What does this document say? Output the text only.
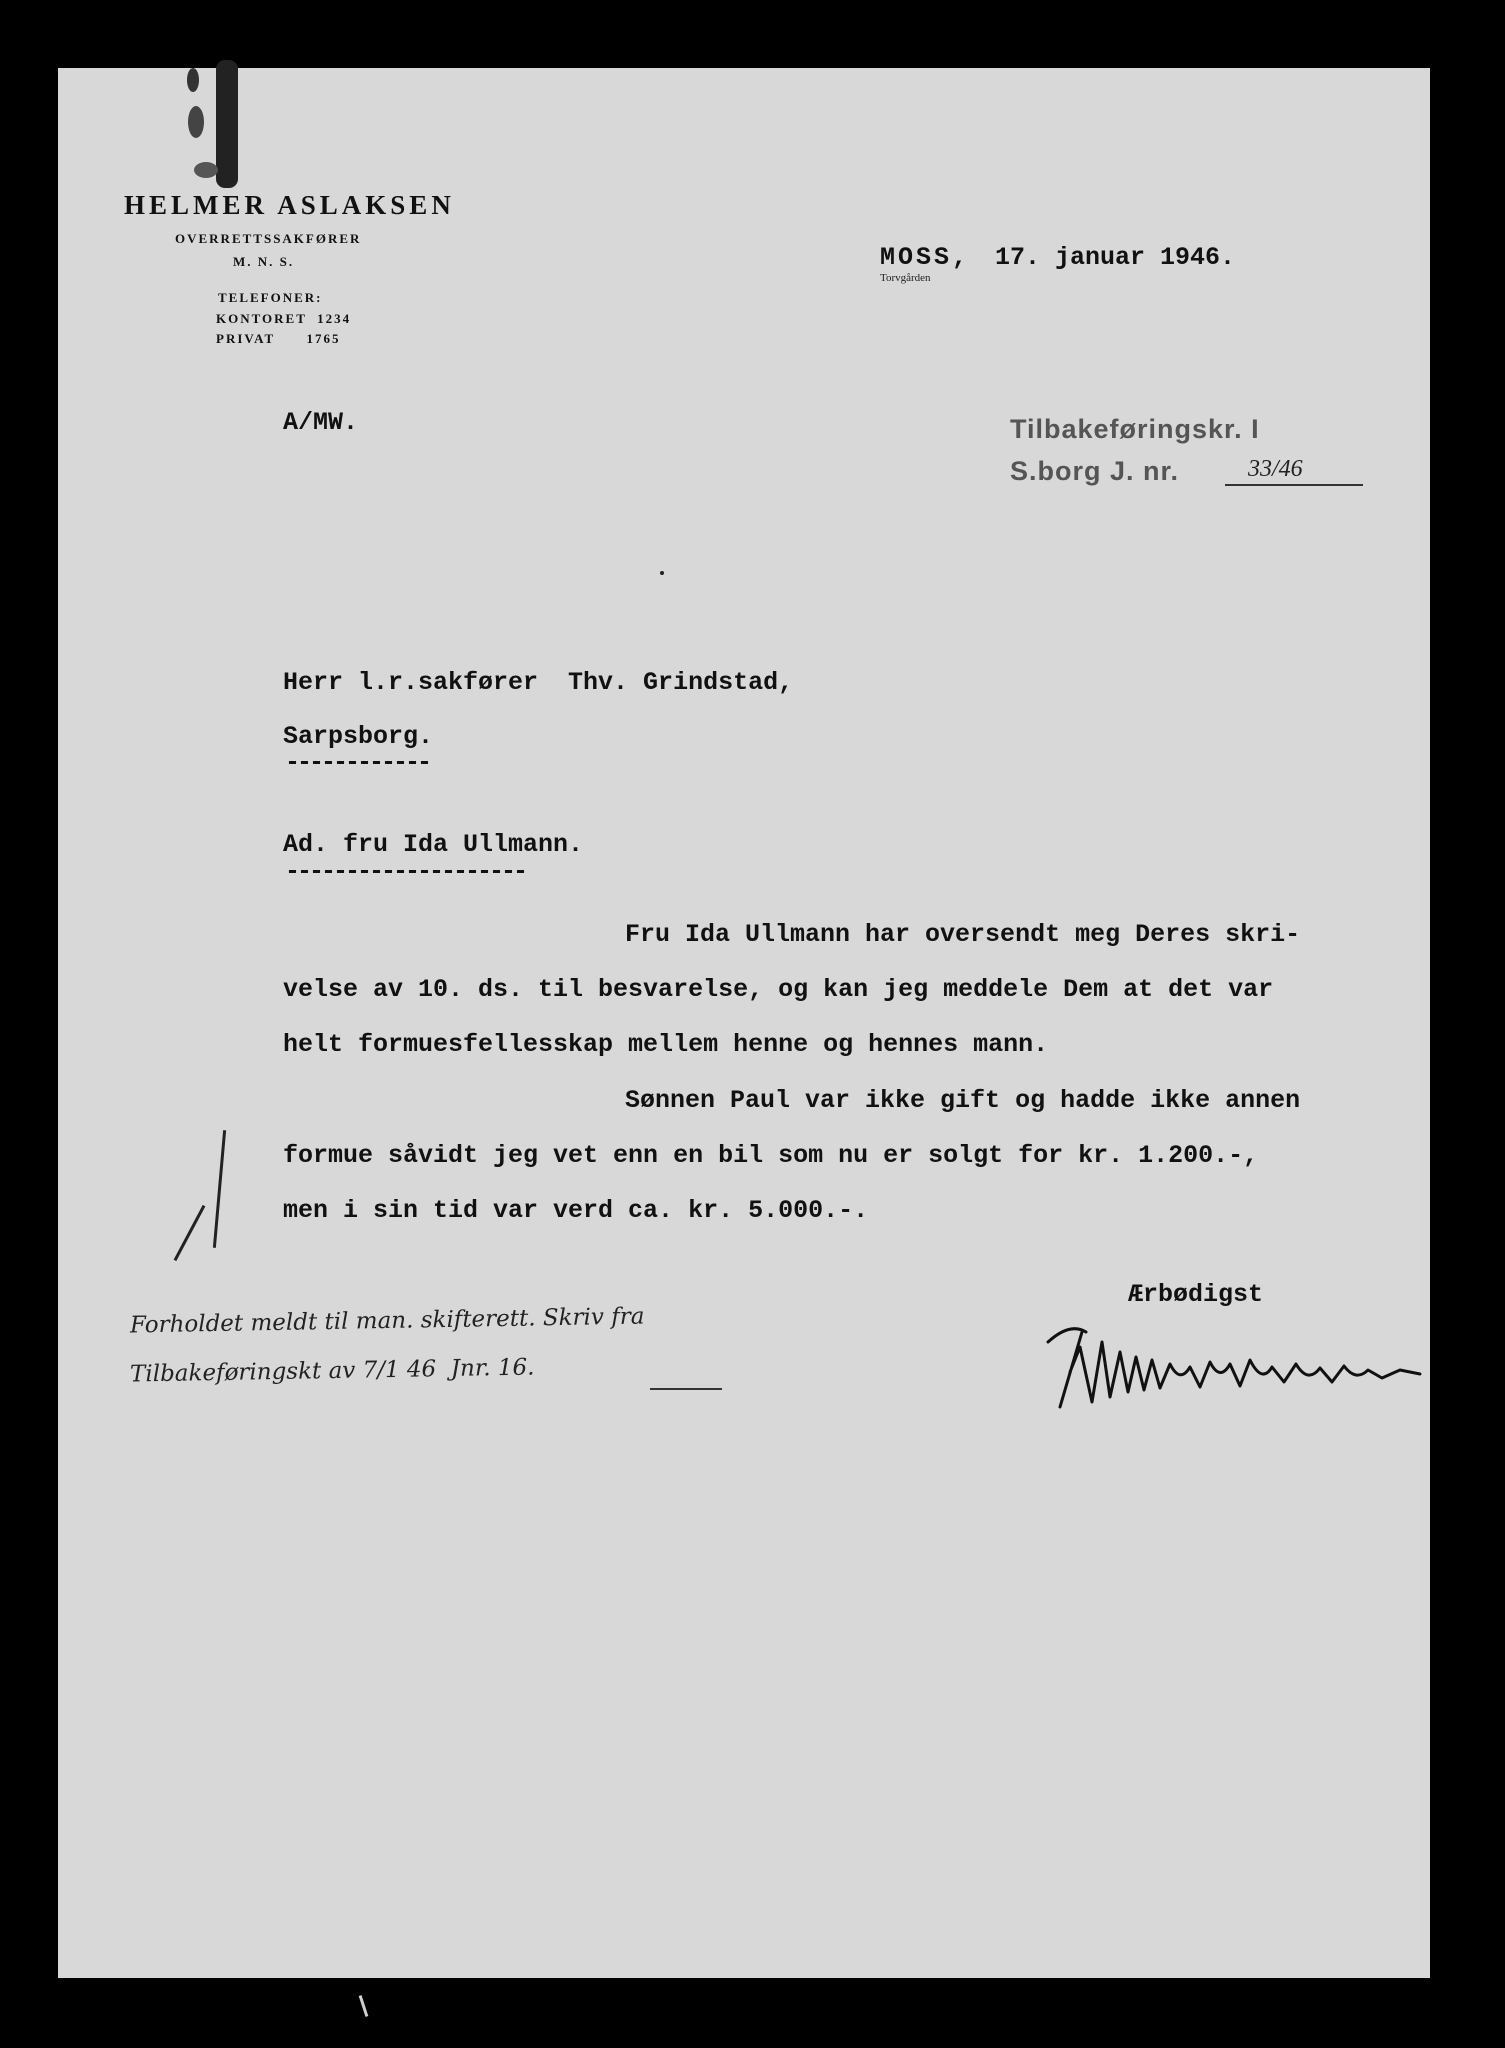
HELMER ASLAKSEN
OVERRETTSSAKFØRER
M. N. S.
TELEFONER:
KONTORET  1234
PRIVAT      1765
MOSS, 17. januar 1946.
Torvgården
A/MW.	Tilbakeføringskr. I
S.borg J. nr.	33/46
Herr l.r.sakfører  Thv. Grindstad,
Sarpsborg.
------------
Ad. fru Ida Ullmann.
--------------------
Fru Ida Ullmann har oversendt meg Deres skri-
velse av 10. ds. til besvarelse, og kan jeg meddele Dem at det var
helt formuesfellesskap mellem henne og hennes mann.
Sønnen Paul var ikke gift og hadde ikke annen
formue såvidt jeg vet enn en bil som nu er solgt for kr. 1.200.-,
men i sin tid var verd ca. kr. 5.000.-.
Ærbødigst
Forholdet meldt til man. skifterett. Skriv fra
Tilbakeføringskt av 7/1 46  Jnr. 16.
